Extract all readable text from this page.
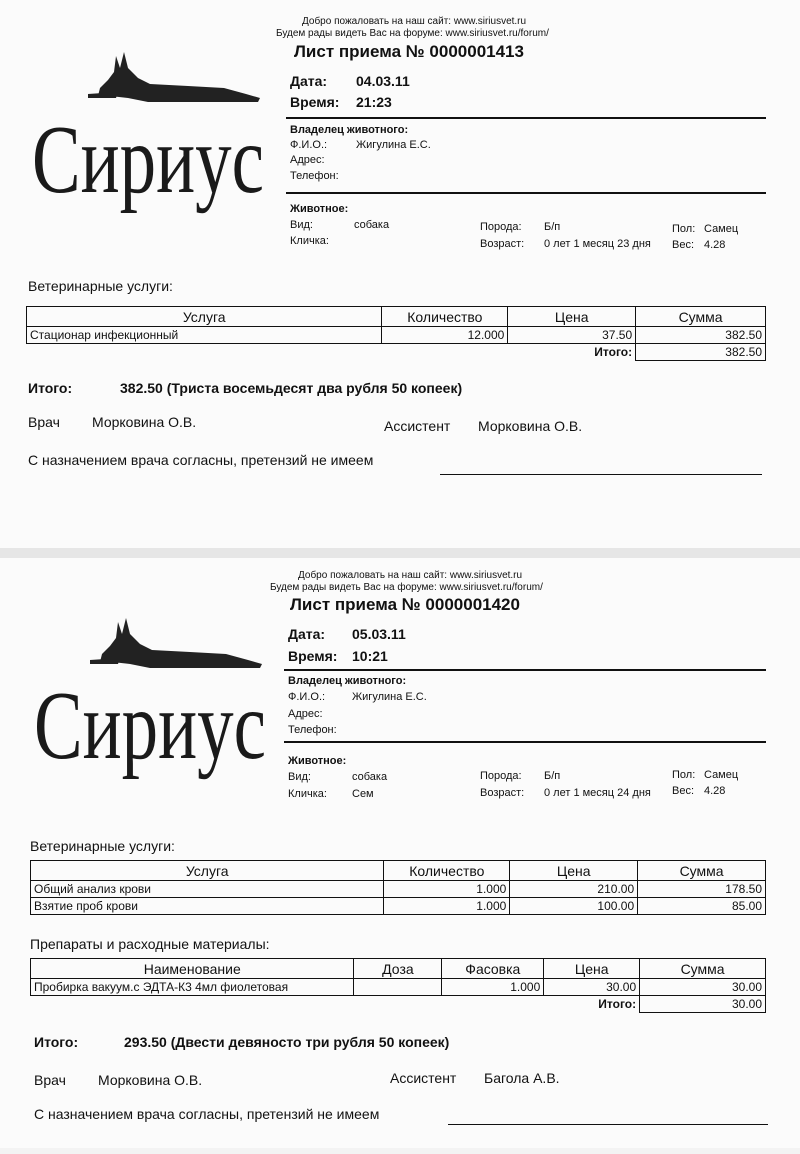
Сириус
Добро пожаловать на наш сайт: www.siriusvet.ru
Будем рады видеть Вас на форуме: www.siriusvet.ru/forum/
Лист приема № 0000001413
Дата: 04.03.11
Время: 21:23
Владелец животного:
Ф.И.О.:	Жигулина Е.С.
Адрес:
Телефон:
Животное:
Вид:	собака
Кличка:
Порода: Б/п
Возраст: 0 лет 1 месяц 23 дня
Пол: Самец
Вес: 4.28
Ветеринарные услуги:
Услуга	Количество	Цена	Сумма
Стационар инфекционный	12.000	37.50	382.50
		Итого:	382.50
Итого:	382.50 (Триста восемьдесят два рубля 50 копеек)
Врач Морковина О.В.	Ассистент Морковина О.В.
С назначением врача согласны, претензий не имеем
Сириус
Добро пожаловать на наш сайт: www.siriusvet.ru
Будем рады видеть Вас на форуме: www.siriusvet.ru/forum/
Лист приема № 0000001420
Дата: 05.03.11
Время: 10:21
Владелец животного:
Ф.И.О.: Жигулина Е.С.
Адрес:
Телефон:
Животное:
Вид:	собака
Кличка: Сем
Порода: Б/п
Возраст: 0 лет 1 месяц 24 дня
Пол: Самец
Вес: 4.28
Ветеринарные услуги:
Услуга	Количество	Цена	Сумма
Общий анализ крови	1.000	210.00	178.50
Взятие проб крови	1.000	100.00	85.00
Препараты и расходные материалы:
Наименование	Доза	Фасовка	Цена	Сумма
Пробирка вакуум.с ЭДТА-К3 4мл фиолетовая		1.000	30.00	30.00
			Итого:	30.00
Итого:	293.50 (Двести девяносто три рубля 50 копеек)
Врач Морковина О.В.	Ассистент Багола А.В.
С назначением врача согласны, претензий не имеем
